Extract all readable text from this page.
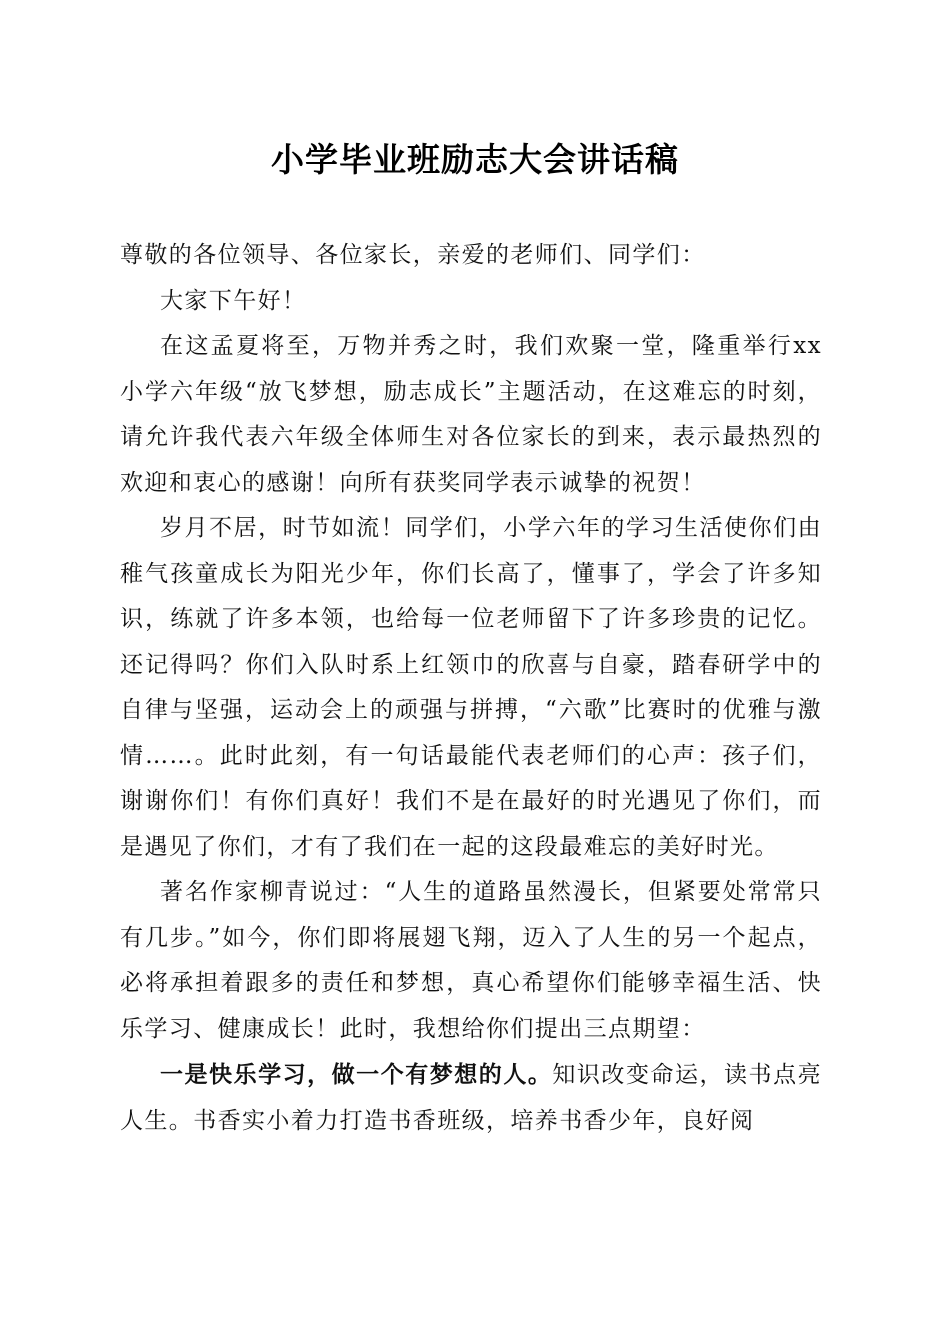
小学毕业班励志大会讲话稿

尊敬的各位领导、各位家长，亲爱的老师们、同学们：

大家下午好！

在这孟夏将至，万物并秀之时，我们欢聚一堂，隆重举行xx小学六年级“放飞梦想，励志成长”主题活动，在这难忘的时刻，请允许我代表六年级全体师生对各位家长的到来，表示最热烈的欢迎和衷心的感谢！向所有获奖同学表示诚挚的祝贺！

岁月不居，时节如流！同学们，小学六年的学习生活使你们由稚气孩童成长为阳光少年，你们长高了，懂事了，学会了许多知识，练就了许多本领，也给每一位老师留下了许多珍贵的记忆。还记得吗？你们入队时系上红领巾的欣喜与自豪，踏春研学中的自律与坚强，运动会上的顽强与拼搏，“六歌”比赛时的优雅与激情……。此时此刻，有一句话最能代表老师们的心声：孩子们，谢谢你们！有你们真好！我们不是在最好的时光遇见了你们，而是遇见了你们，才有了我们在一起的这段最难忘的美好时光。

著名作家柳青说过：“人生的道路虽然漫长，但紧要处常常只有几步。”如今，你们即将展翅飞翔，迈入了人生的另一个起点，必将承担着跟多的责任和梦想，真心希望你们能够幸福生活、快乐学习、健康成长！此时，我想给你们提出三点期望：

一是快乐学习，做一个有梦想的人。知识改变命运，读书点亮人生。书香实小着力打造书香班级，培养书香少年，良好阅
